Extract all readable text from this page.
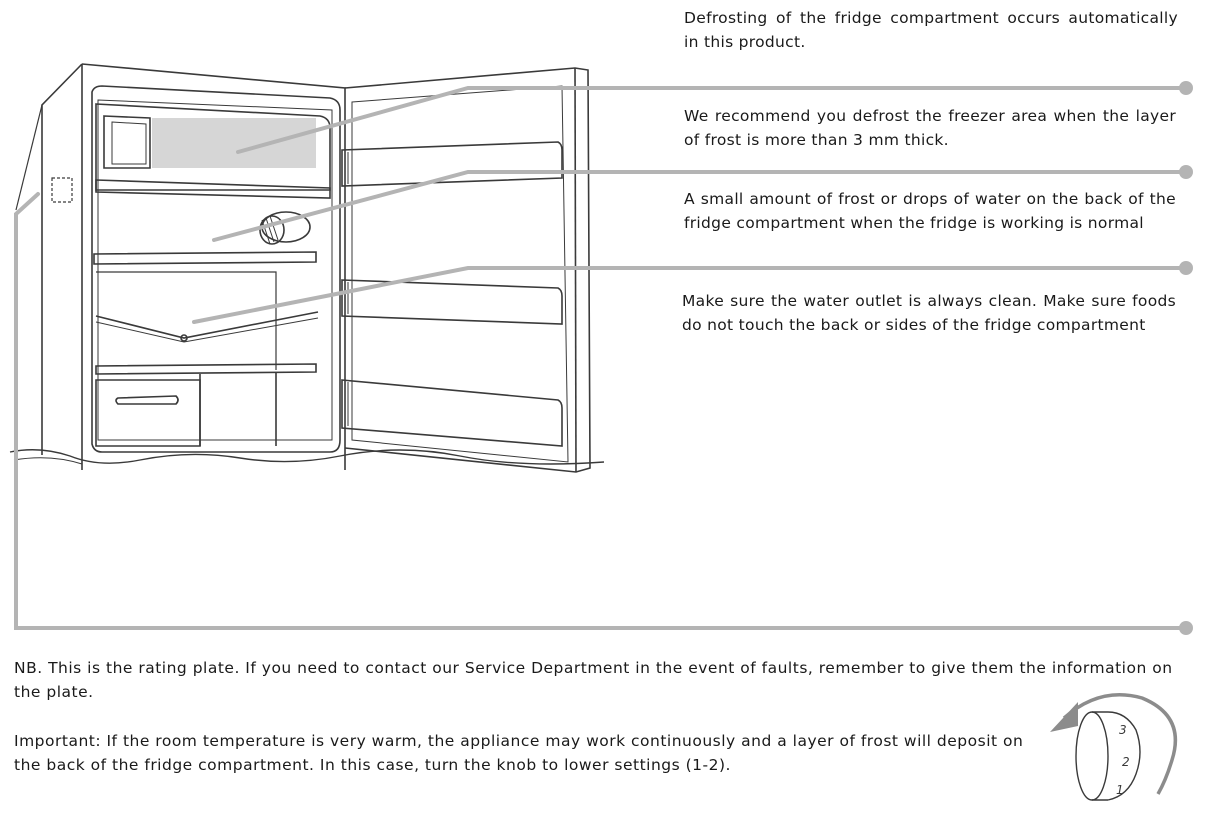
3
2
1
Defrosting of the fridge compartment occurs automatically in this product.
We recommend you defrost the freezer area when the layer of frost is more than 3 mm thick.
A small amount of frost or drops of water on the back of the fridge compartment when the fridge is working is normal
Make sure the water outlet is always clean. Make sure foods do not touch the back or sides of the fridge compartment
NB. This is the rating plate. If you need to contact our Service Department in the event of faults, remember to give them the information on the plate.
Important: If the room temperature is very warm, the appliance may work continuously and a layer of frost will deposit on the back of the fridge compartment. In this case, turn the knob to lower settings (1-2).
